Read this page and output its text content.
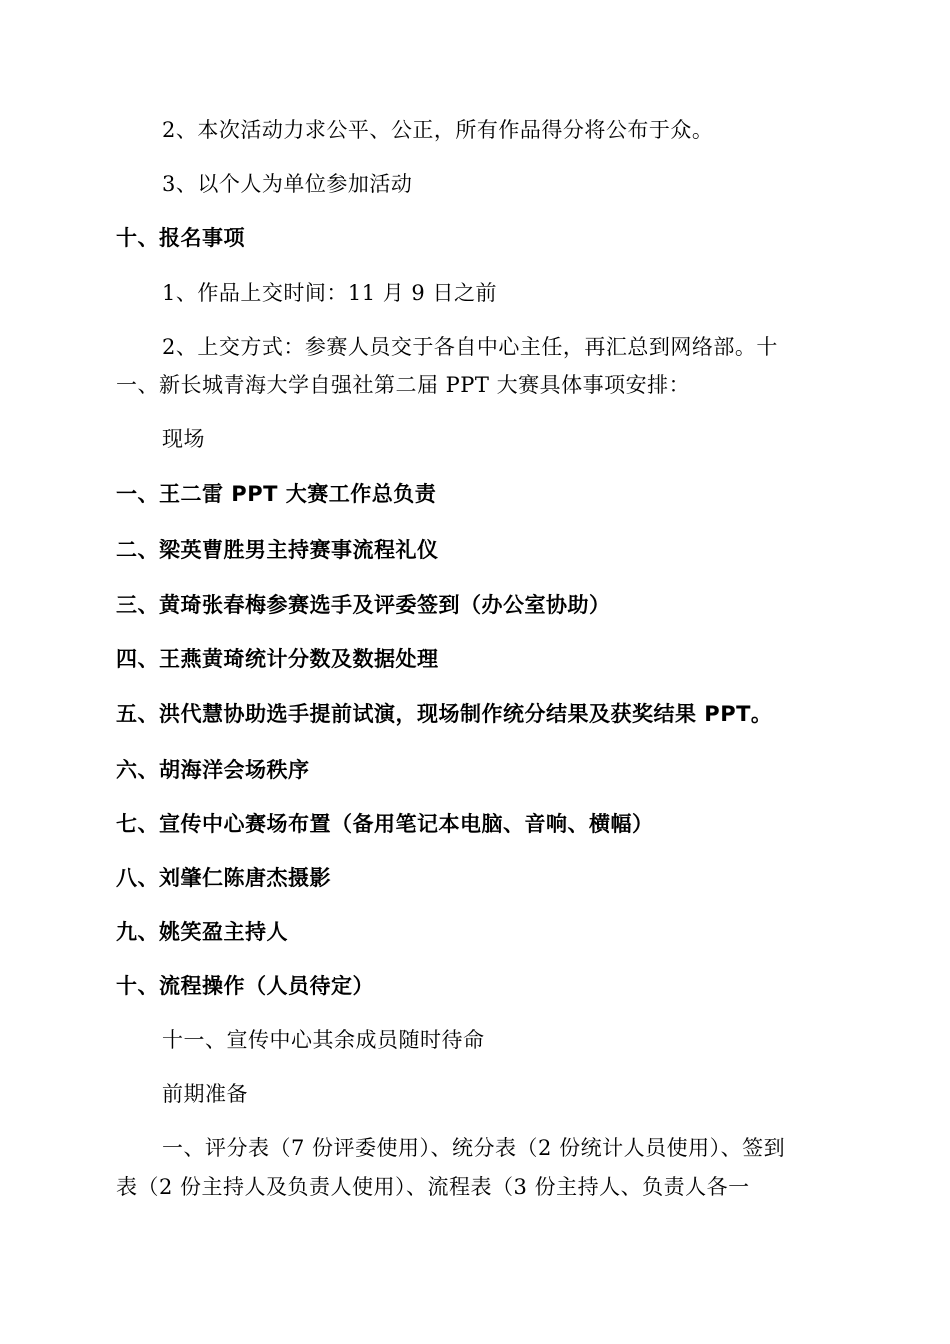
2、本次活动力求公平、公正，所有作品得分将公布于众。
3、以个人为单位参加活动
十、报名事项
1、作品上交时间：11 月 9 日之前
2、上交方式：参赛人员交于各自中心主任，再汇总到网络部。十
一、新长城青海大学自强社第二届 PPT 大赛具体事项安排：
现场
一、王二雷 PPT 大赛工作总负责
二、梁英曹胜男主持赛事流程礼仪
三、黄琦张春梅参赛选手及评委签到（办公室协助）
四、王燕黄琦统计分数及数据处理
五、洪代慧协助选手提前试演，现场制作统分结果及获奖结果 PPT。
六、胡海洋会场秩序
七、宣传中心赛场布置（备用笔记本电脑、音响、横幅）
八、刘肇仁陈唐杰摄影
九、姚笑盈主持人
十、流程操作（人员待定）
十一、宣传中心其余成员随时待命
前期准备
一、评分表（7 份评委使用）、统分表（2 份统计人员使用）、签到
表（2 份主持人及负责人使用）、流程表（3 份主持人、负责人各一
